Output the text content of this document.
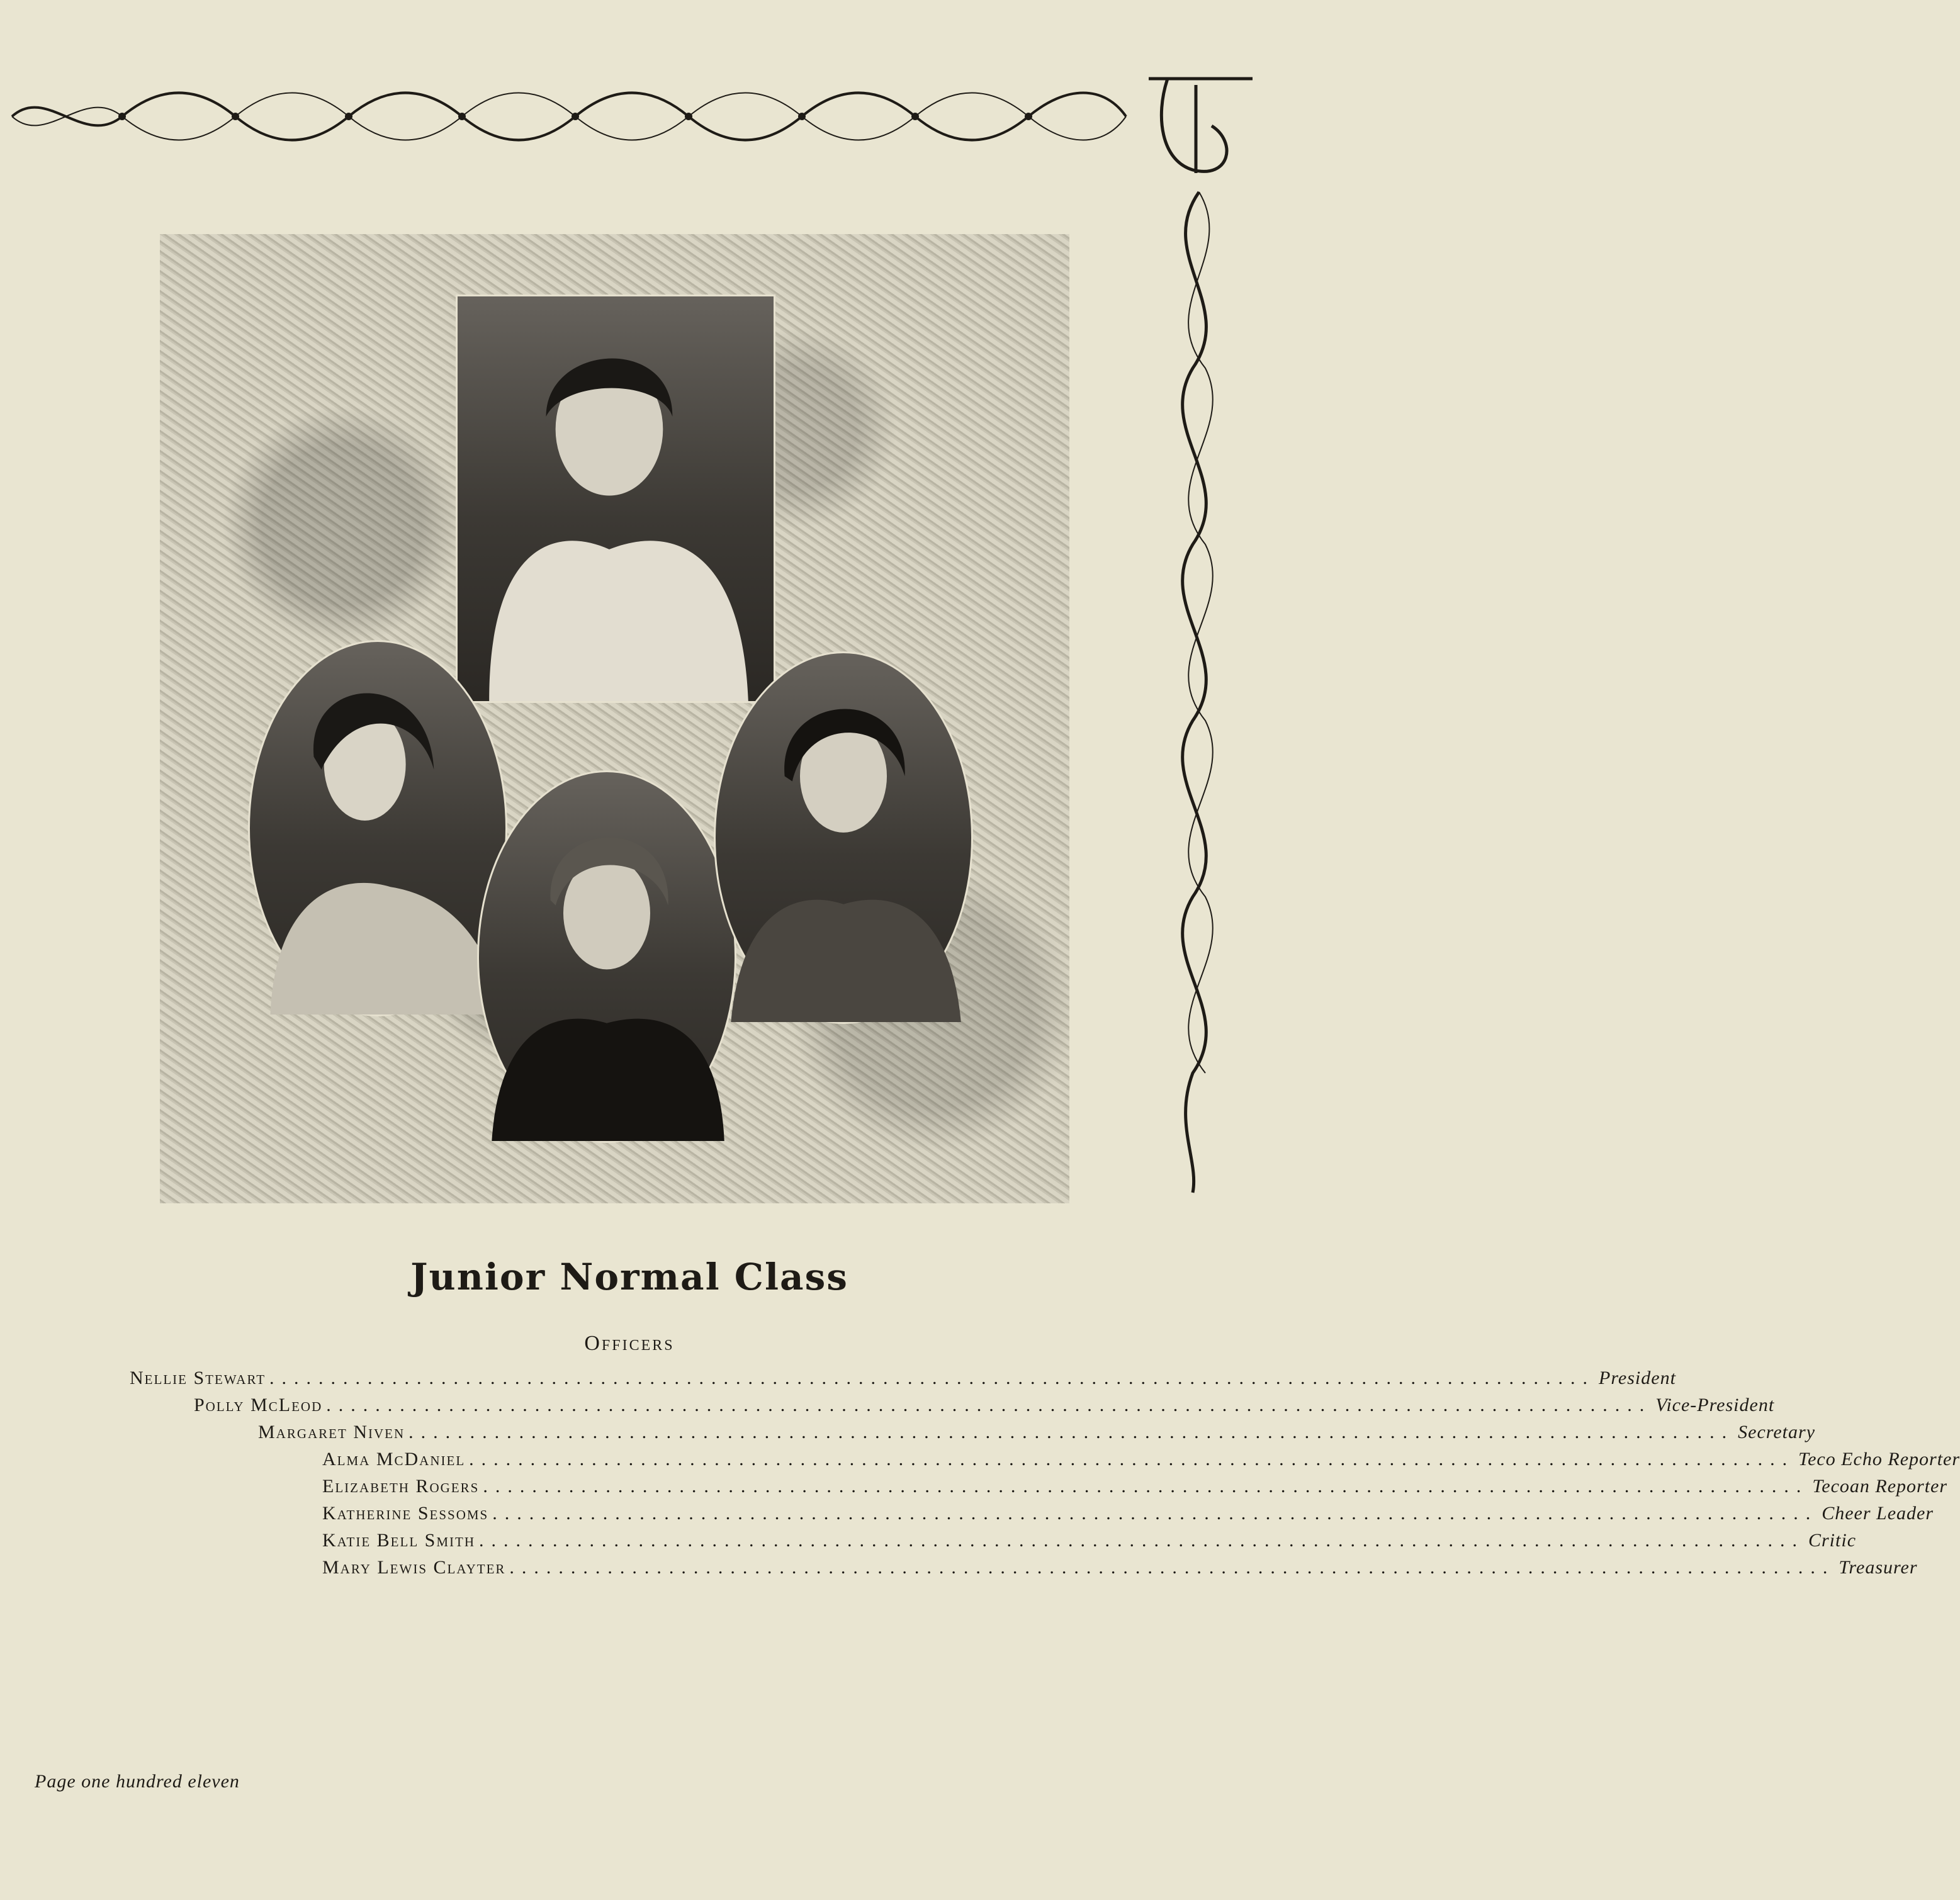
Junior Normal Class
Officers
Nellie Stewart ............................................................................................................ President
Polly McLeod ............................................................................................................ Vice-President
Margaret Niven ............................................................................................................ Secretary
Alma McDaniel ............................................................................................................ Teco Echo Reporter
Elizabeth Rogers ............................................................................................................ Tecoan Reporter
Katherine Sessoms ............................................................................................................ Cheer Leader
Katie Bell Smith ............................................................................................................ Critic
Mary Lewis Clayter ............................................................................................................ Treasurer
Page one hundred eleven
